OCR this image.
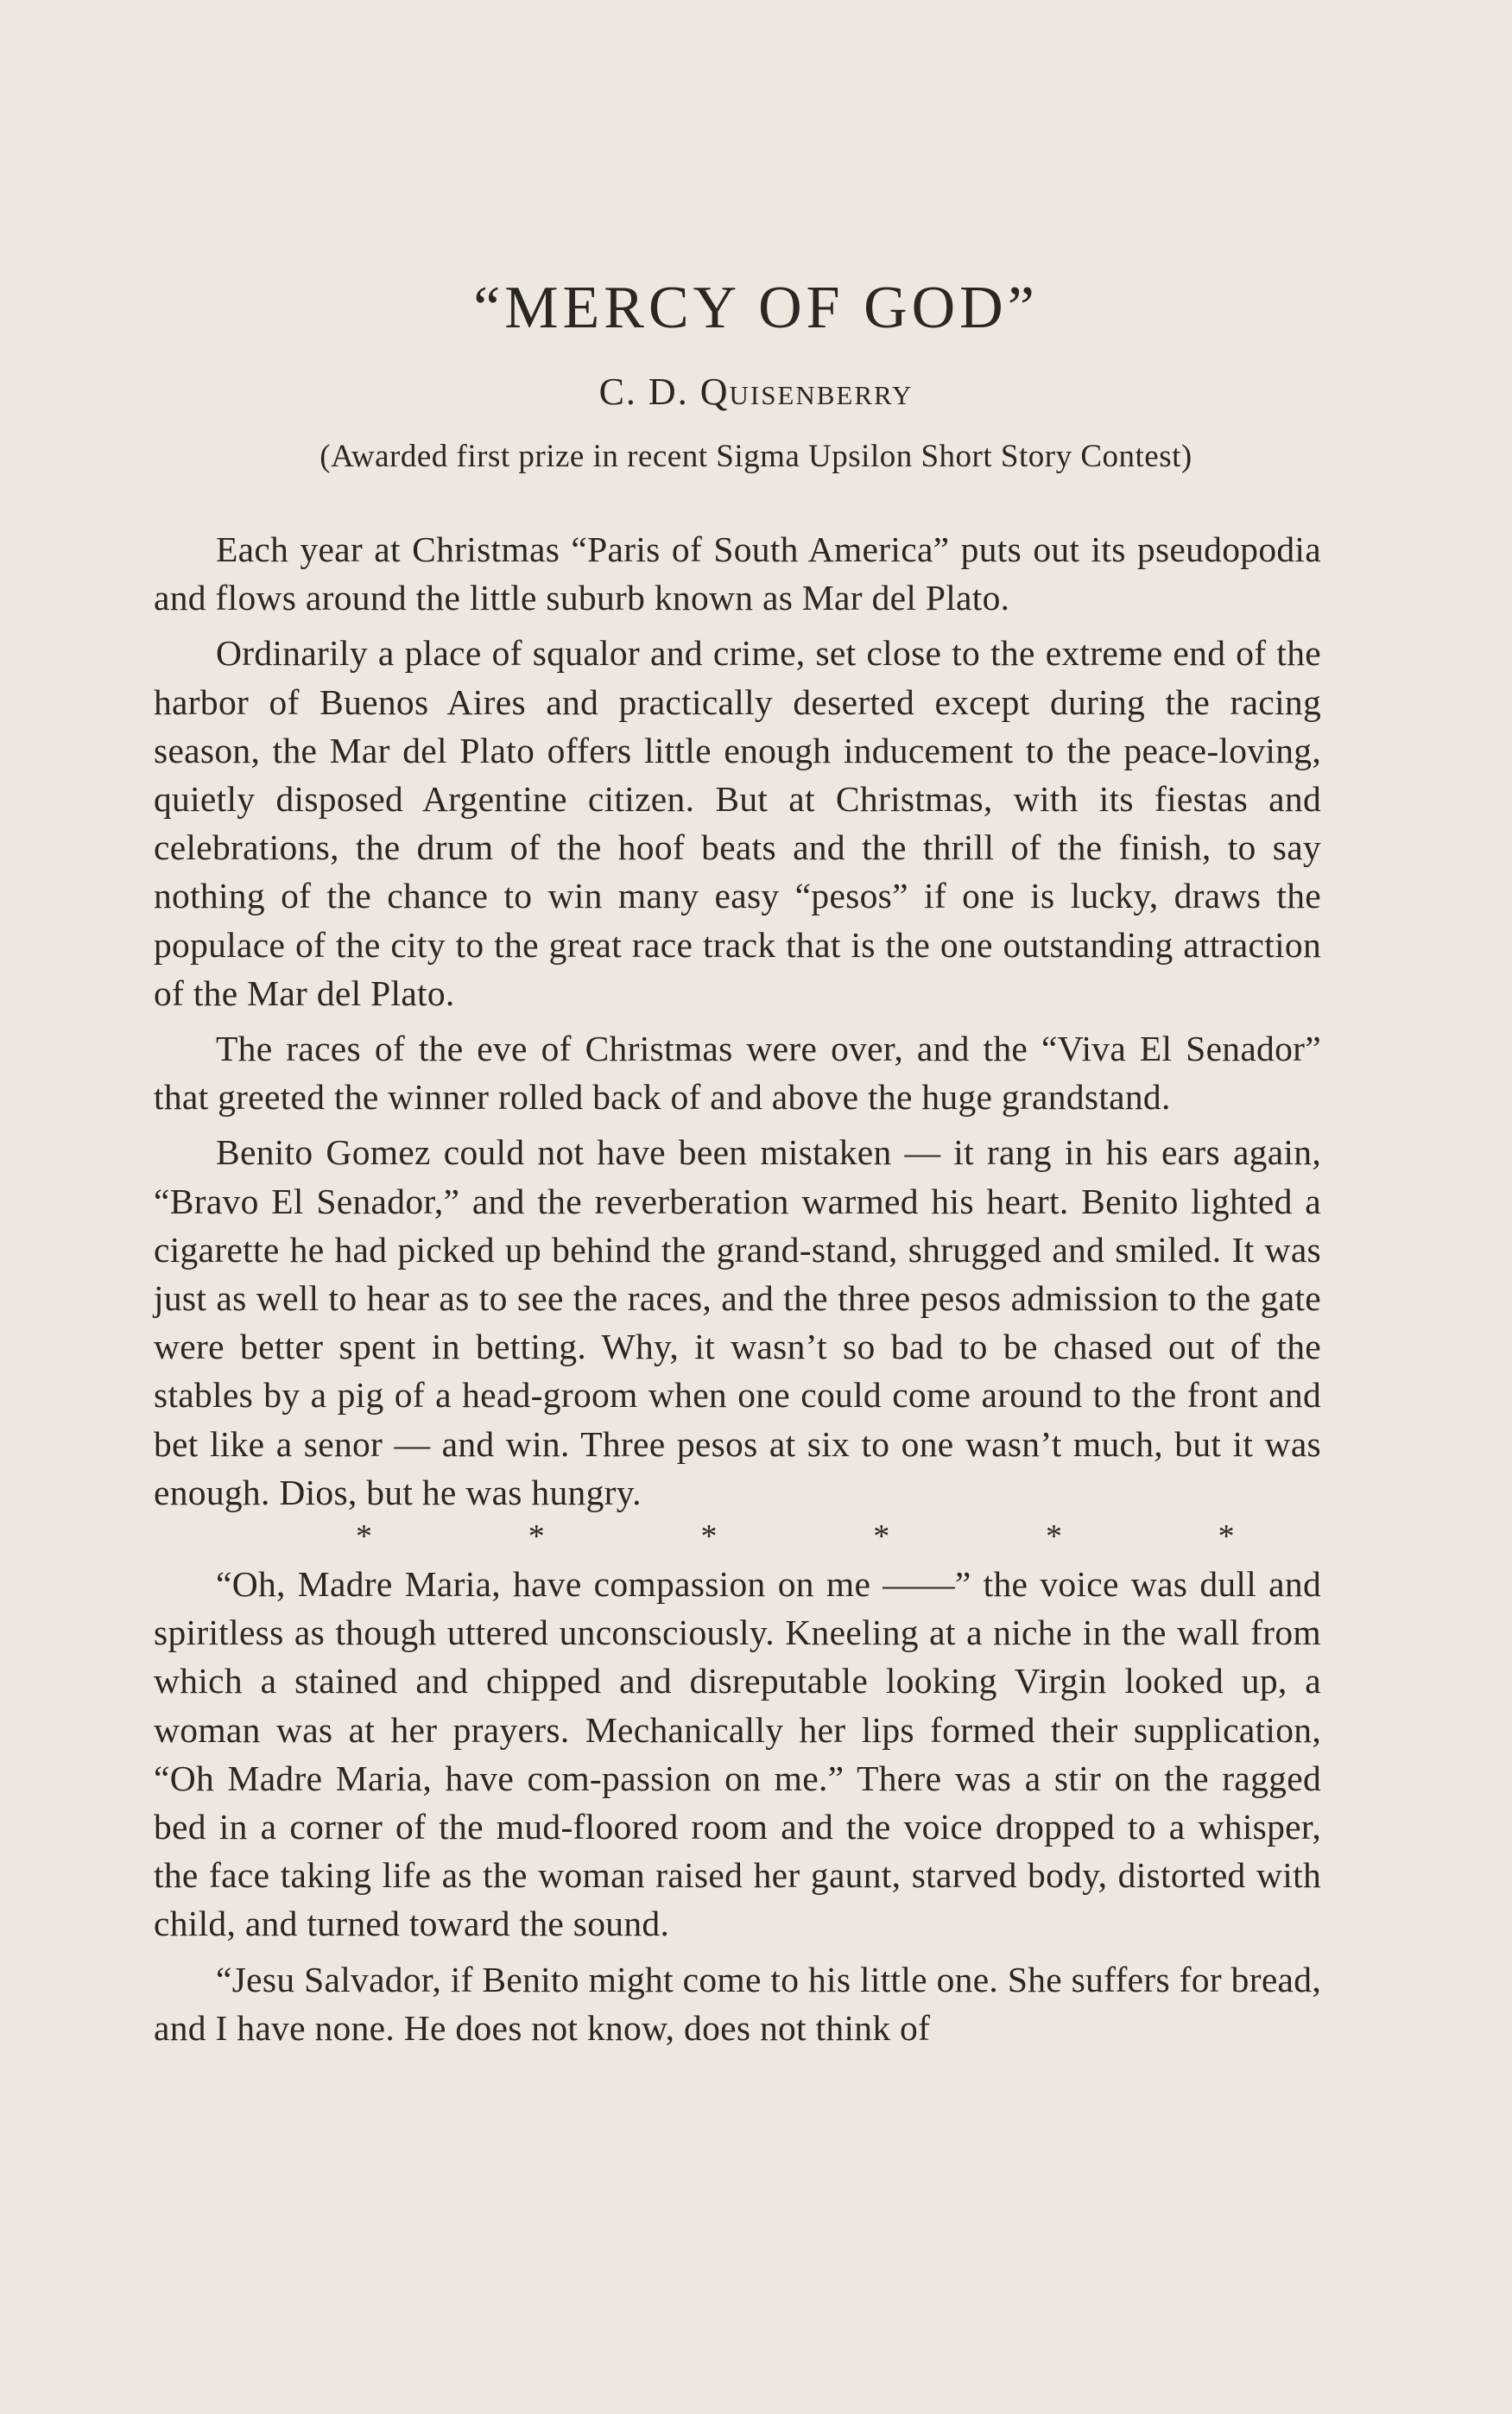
“MERCY OF GOD”
C. D. Quisenberry
(Awarded first prize in recent Sigma Upsilon Short Story Contest)

Each year at Christmas “Paris of South America” puts out its pseudopodia and flows around the little suburb known as Mar del Plato.

Ordinarily a place of squalor and crime, set close to the extreme end of the harbor of Buenos Aires and practically deserted except during the racing season, the Mar del Plato offers little enough inducement to the peace-loving, quietly disposed Argentine citizen. But at Christmas, with its fiestas and celebrations, the drum of the hoof beats and the thrill of the finish, to say nothing of the chance to win many easy “pesos” if one is lucky, draws the populace of the city to the great race track that is the one outstanding attraction of the Mar del Plato.

The races of the eve of Christmas were over, and the “Viva El Senador” that greeted the winner rolled back of and above the huge grandstand.

Benito Gomez could not have been mistaken — it rang in his ears again, “Bravo El Senador,” and the reverberation warmed his heart. Benito lighted a cigarette he had picked up behind the grand-stand, shrugged and smiled. It was just as well to hear as to see the races, and the three pesos admission to the gate were better spent in betting. Why, it wasn’t so bad to be chased out of the stables by a pig of a head-groom when one could come around to the front and bet like a senor — and win. Three pesos at six to one wasn’t much, but it was enough. Dios, but he was hungry.

*	*	*	*	*	*

“Oh, Madre Maria, have compassion on me ——” the voice was dull and spiritless as though uttered unconsciously. Kneeling at a niche in the wall from which a stained and chipped and disreputable looking Virgin looked up, a woman was at her prayers. Mechanically her lips formed their supplication, “Oh Madre Maria, have com-passion on me.” There was a stir on the ragged bed in a corner of the mud-floored room and the voice dropped to a whisper, the face taking life as the woman raised her gaunt, starved body, distorted with child, and turned toward the sound.

“Jesu Salvador, if Benito might come to his little one. She suffers for bread, and I have none. He does not know, does not think of
